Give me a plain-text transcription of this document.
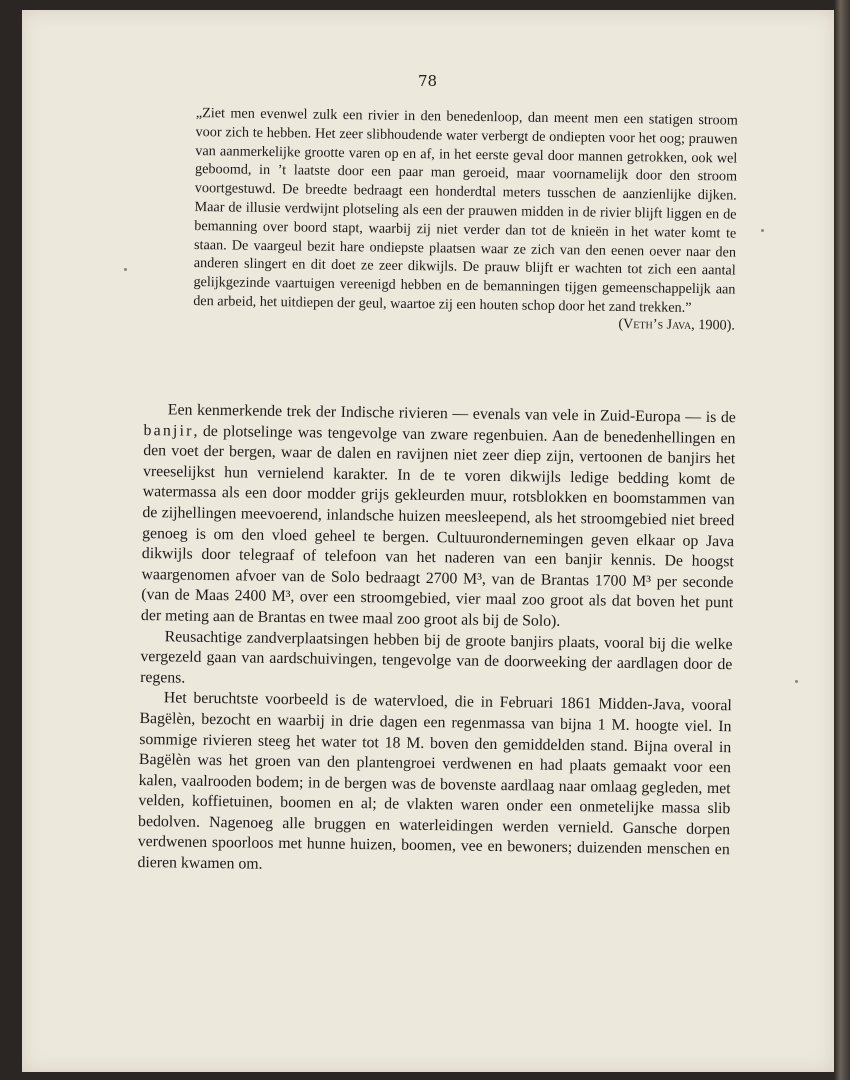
78

„Ziet men evenwel zulk een rivier in den benedenloop, dan meent men een statigen stroom voor zich te hebben. Het zeer slibhoudende water verbergt de ondiepten voor het oog; prauwen van aanmerkelijke grootte varen op en af, in het eerste geval door mannen getrokken, ook wel geboomd, in ’t laatste door een paar man geroeid, maar voornamelijk door den stroom voortgestuwd. De breedte bedraagt een honderdtal meters tusschen de aanzienlijke dijken. Maar de illusie verdwijnt plotseling als een der prauwen midden in de rivier blijft liggen en de bemanning over boord stapt, waarbij zij niet verder dan tot de knieën in het water komt te staan. De vaargeul bezit hare ondiepste plaatsen waar ze zich van den eenen oever naar den anderen slingert en dit doet ze zeer dikwijls. De prauw blijft er wachten tot zich een aantal gelijkgezinde vaartuigen vereenigd hebben en de bemanningen tijgen gemeenschappelijk aan den arbeid, het uitdiepen der geul, waartoe zij een houten schop door het zand trekken.”

(Veth’s Java, 1900).

Een kenmerkende trek der Indische rivieren — evenals van vele in Zuid-Europa — is de banjir, de plotselinge was tengevolge van zware regenbuien. Aan de benedenhellingen en den voet der bergen, waar de dalen en ravijnen niet zeer diep zijn, vertoonen de banjirs het vreeselijkst hun vernielend karakter. In de te voren dikwijls ledige bedding komt de watermassa als een door modder grijs gekleurden muur, rotsblokken en boomstammen van de zijhellingen meevoerend, inlandsche huizen meesleepend, als het stroomgebied niet breed genoeg is om den vloed geheel te bergen. Cultuurondernemingen geven elkaar op Java dikwijls door telegraaf of telefoon van het naderen van een banjir kennis. De hoogst waargenomen afvoer van de Solo bedraagt 2700 M³, van de Brantas 1700 M³ per seconde (van de Maas 2400 M³, over een stroomgebied, vier maal zoo groot als dat boven het punt der meting aan de Brantas en twee maal zoo groot als bij de Solo).

Reusachtige zandverplaatsingen hebben bij de groote banjirs plaats, vooral bij die welke vergezeld gaan van aardschuivingen, tengevolge van de doorweeking der aardlagen door de regens.

Het beruchtste voorbeeld is de watervloed, die in Februari 1861 Midden-Java, vooral Bagëlèn, bezocht en waarbij in drie dagen een regenmassa van bijna 1 M. hoogte viel. In sommige rivieren steeg het water tot 18 M. boven den gemiddelden stand. Bijna overal in Bagëlèn was het groen van den plantengroei verdwenen en had plaats gemaakt voor een kalen, vaalrooden bodem; in de bergen was de bovenste aardlaag naar omlaag gegleden, met velden, koffietuinen, boomen en al; de vlakten waren onder een onmetelijke massa slib bedolven. Nagenoeg alle bruggen en waterleidingen werden vernield. Gansche dorpen verdwenen spoorloos met hunne huizen, boomen, vee en bewoners; duizenden menschen en dieren kwamen om.
